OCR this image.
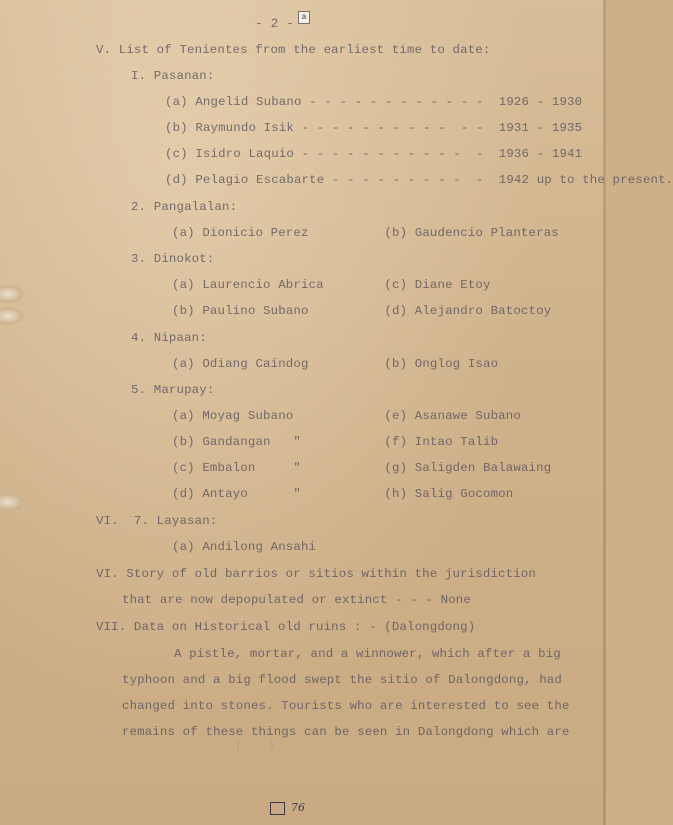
- 2 - a
V. List of Tenientes from the earliest time to date:
I. Pasanan:
(a) Angelid Subano - - - - - - - - - - - -  1926 - 1930
(b) Raymundo Isik - - - - - - - - - -  - -  1931 - 1935
(c) Isidro Laquio - - - - - - - - - - -  -  1936 - 1941
(d) Pelagio Escabarte - - - - - - - - -  -  1942 up to the present.
2. Pangalalan:
(a) Dionicio Perez          (b) Gaudencio Planteras
3. Dinokot:
(a) Laurencio Abrica        (c) Diane Etoy
(b) Paulino Subano          (d) Alejandro Batoctoy
4. Nipaan:
(a) Odiang Caindog          (b) Onglog Isao
5. Marupay:
(a) Moyag Subano            (e) Asanawe Subano
(b) Gandangan   "           (f) Intao Talib
(c) Embalon     "           (g) Saligden Balawaing
(d) Antayo      "           (h) Salig Gocomon
VI.  7. Layasan:
(a) Andilong Ansahi
VI. Story of old barrios or sitios within the jurisdiction
that are now depopulated or extinct - - - None
VII. Data on Historical old ruins : - (Dalongdong)
A pistle, mortar, and a winnower, which after a big
typhoon and a big flood swept the sitio of Dalongdong, had
changed into stones. Tourists who are interested to see the
remains of these things can be seen in Dalongdong which are
(    )
76
